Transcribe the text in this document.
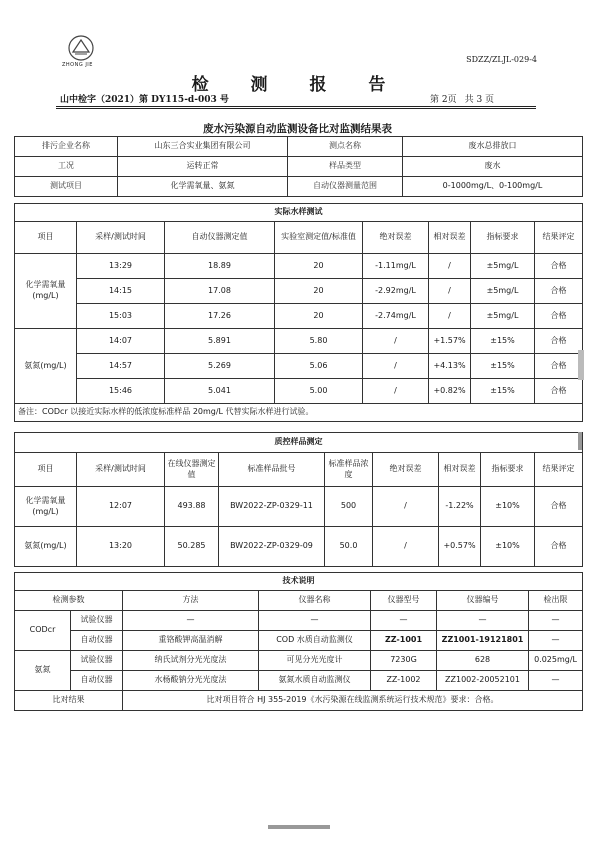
ZHONG JIE
SDZZ/ZLJL-029-4
检 测 报 告
山中检字（2021）第 DY115-d-003 号	第 2页 共 3 页
废水污染源自动监测设备比对监测结果表
排污企业名称	山东三合实业集团有限公司	测点名称	废水总排放口
工况	运转正常	样品类型	废水
测试项目	化学需氧量、氨氮	自动仪器测量范围	0-1000mg/L、0-100mg/L
实际水样测试							
项目	采样/测试时间	自动仪器测定值	实验室测定值/标准值	绝对误差	相对误差	指标要求	结果评定
化学需氧量(mg/L)	13:29	18.89	20	-1.11mg/L	/	±5mg/L	合格
	14:15	17.08	20	-2.92mg/L	/	±5mg/L	合格
	15:03	17.26	20	-2.74mg/L	/	±5mg/L	合格
氨氮(mg/L)	14:07	5.891	5.80	/	+1.57%	±15%	合格
	14:57	5.269	5.06	/	+4.13%	±15%	合格
	15:46	5.041	5.00	/	+0.82%	±15%	合格
备注：CODcr 以接近实际水样的低浓度标准样品 20mg/L 代替实际水样进行试验。							
质控样品测定								
项目	采样/测试时间	在线仪器测定值	标准样品批号	标准样品浓度	绝对误差	相对误差	指标要求	结果评定
化学需氧量(mg/L)	12:07	493.88	BW2022-ZP-0329-11	500	/	-1.22%	±10%	合格
氨氮(mg/L)	13:20	50.285	BW2022-ZP-0329-09	50.0	/	+0.57%	±10%	合格
技术说明						
检测参数		方法	仪器名称	仪器型号	仪器编号	检出限
CODcr	试验仪器	—	—	—	—	—
	自动仪器	重铬酸钾高温消解	COD 水质自动监测仪	ZZ-1001	ZZ1001-19121801	—
氨氮	试验仪器	纳氏试剂分光光度法	可见分光光度计	7230G	628	0.025mg/L
	自动仪器	水杨酸钠分光光度法	氨氮水质自动监测仪	ZZ-1002	ZZ1002-20052101	—
比对结果		比对项目符合 HJ 355-2019《水污染源在线监测系统运行技术规范》要求：合格。				
